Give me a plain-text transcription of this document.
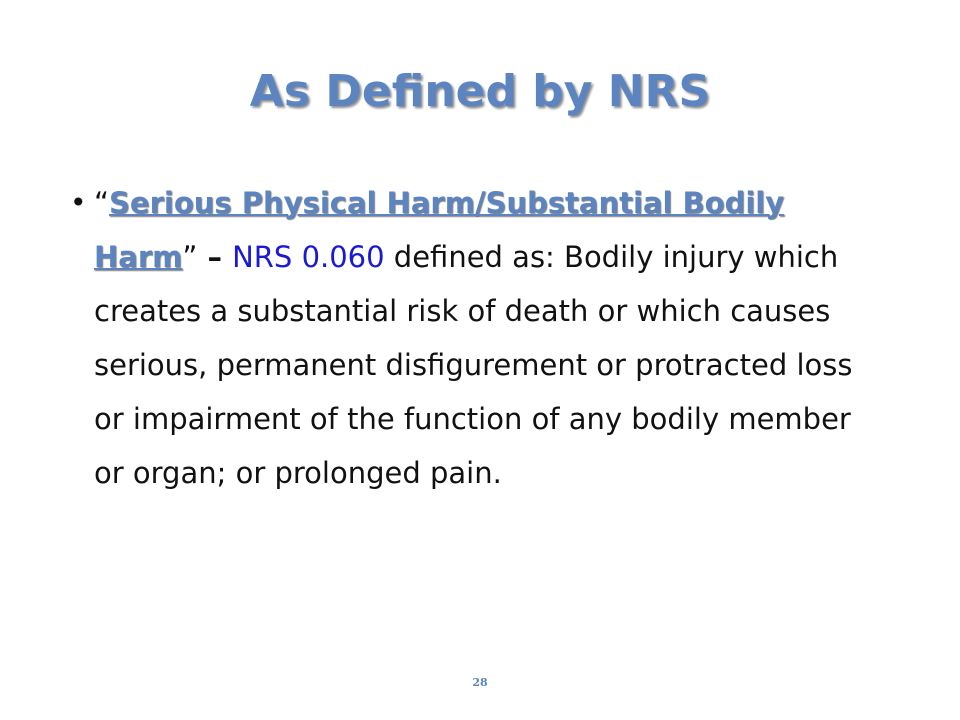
As Defined by NRS
• “Serious Physical Harm/Substantial Bodily Harm” – NRS 0.060 defined as: Bodily injury which creates a substantial risk of death or which causes serious, permanent disfigurement or protracted loss or impairment of the function of any bodily member or organ; or prolonged pain.
28
